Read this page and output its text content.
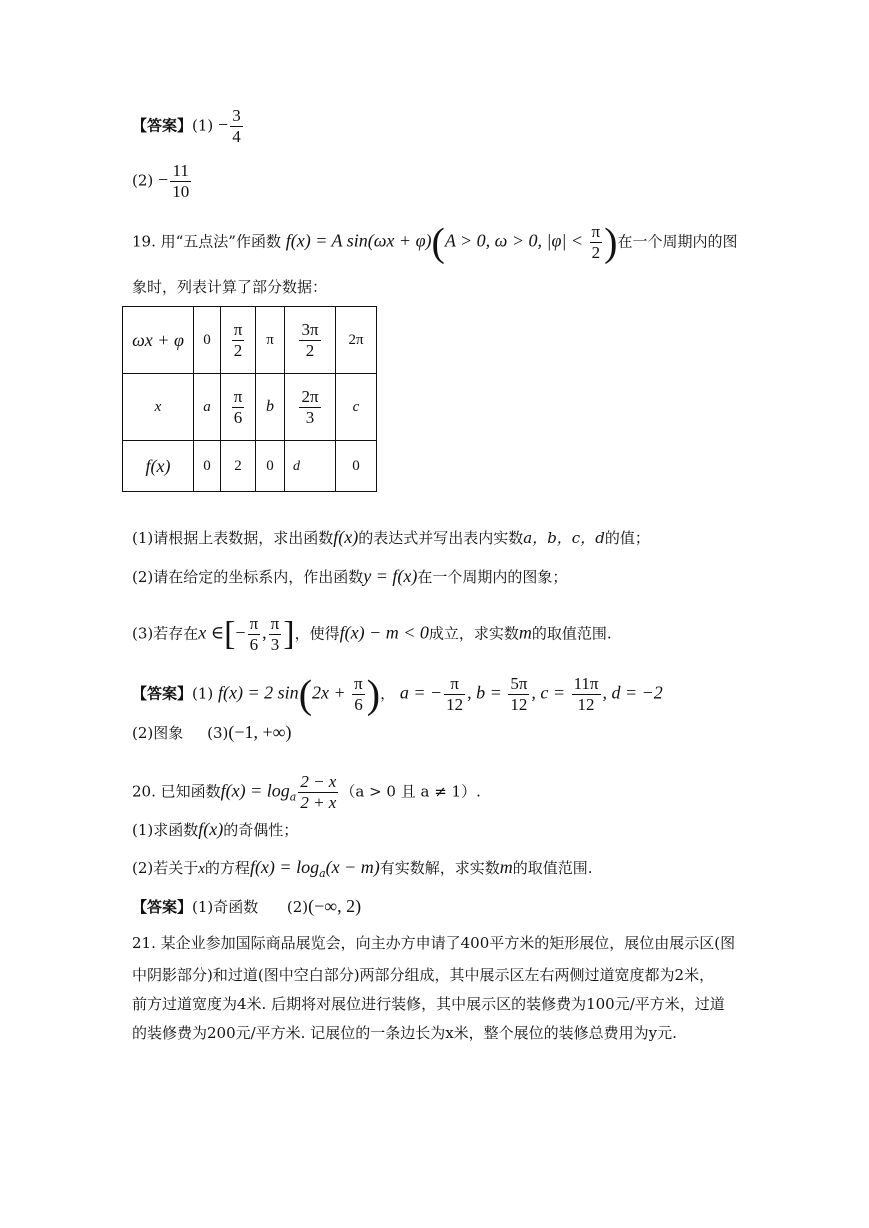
【答案】$(1) - \frac{3}{4}$
$(2) - \frac{11}{10}$
19. 用“五点法”作函数 f(x) = A sin(ωx + φ)(A > 0, ω > 0, $|\varphi| < \frac{\pi}{2}$ )在一个周期内的图
象时，列表计算了部分数据：
ωx + φ	0	$\frac{\pi}{2}$	π	$\frac{3\pi}{2}$	2π
x	a	$\frac{\pi}{6}$	b	$\frac{2\pi}{3}$	c
f(x)	0	2	0	d	0
(1)请根据上表数据，求出函数f(x)的表达式并写出表内实数a，b，c，d的值；
(2)请在给定的坐标系内，作出函数y = f(x)在一个周期内的图象；
(3)若存在x ∈[− $\frac{\pi}{6}$ , $\frac{\pi}{3}$ ]，使得f(x) − m < 0成立，求实数m的取值范围.
【答案】(1) f(x) = 2 $\sin(2x + \frac{\pi}{6}$ )， a = − $\frac{\pi}{12}$ , $b = \frac{5\pi}{12}$ , $c = \frac{11\pi}{12}$ , d = −2
(2)图象 (3)(−1, +∞)
20. 已知函数$f(x) = \log_a \frac{2 - x}{2 + x} (a > 0$ 且 a ≠ 1）.
(1)求函数f(x)的奇偶性；
(2)若关于x的方程$f(x) = \log_a(x - m)$有实数解，求实数m的取值范围.
【答案】(1)奇函数 (2)(−∞, 2)
21. 某企业参加国际商品展览会，向主办方申请了400平方米的矩形展位，展位由展示区(图
中阴影部分)和过道(图中空白部分)两部分组成，其中展示区左右两侧过道宽度都为2米，
前方过道宽度为4米. 后期将对展位进行装修，其中展示区的装修费为100元/平方米，过道
的装修费为200元/平方米. 记展位的一条边长为x米，整个展位的装修总费用为y元.
